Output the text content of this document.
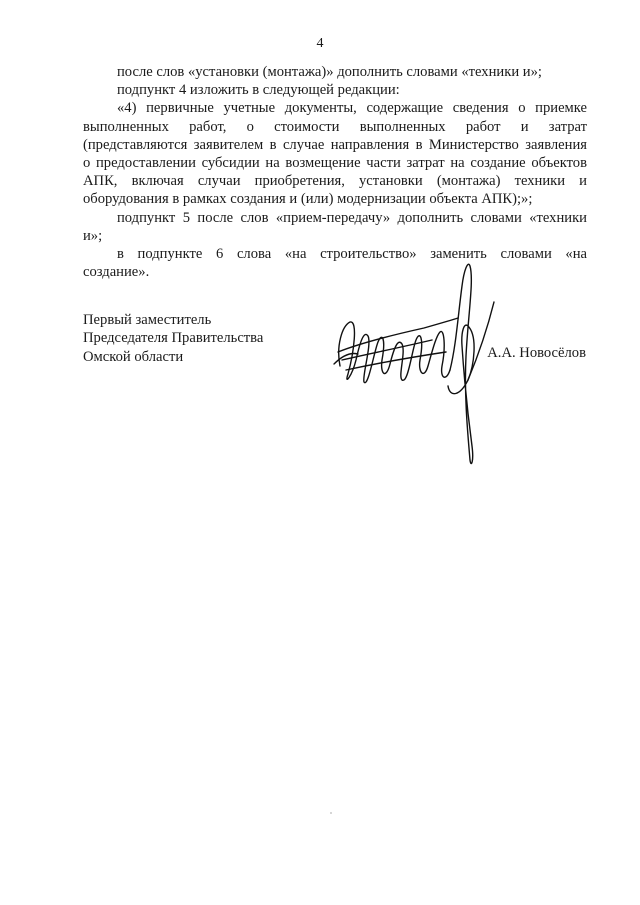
4

после слов «установки (монтажа)» дополнить словами «техники и»;

подпункт 4 изложить в следующей редакции:

«4) первичные учетные документы, содержащие сведения о приемке
выполненных работ, о стоимости выполненных работ и затрат
(представляются заявителем в случае направления в Министерство заявления
о предоставлении субсидии на возмещение части затрат на создание объектов
АПК, включая случаи приобретения, установки (монтажа) техники и
оборудования в рамках создания и (или) модернизации объекта АПК);»;

подпункт 5 после слов «прием-передачу» дополнить словами «техники
и»;

в подпункте 6 слова «на строительство» заменить словами «на
создание».

Первый заместитель
Председателя Правительства
Омской области	А.А. Новосёлов
